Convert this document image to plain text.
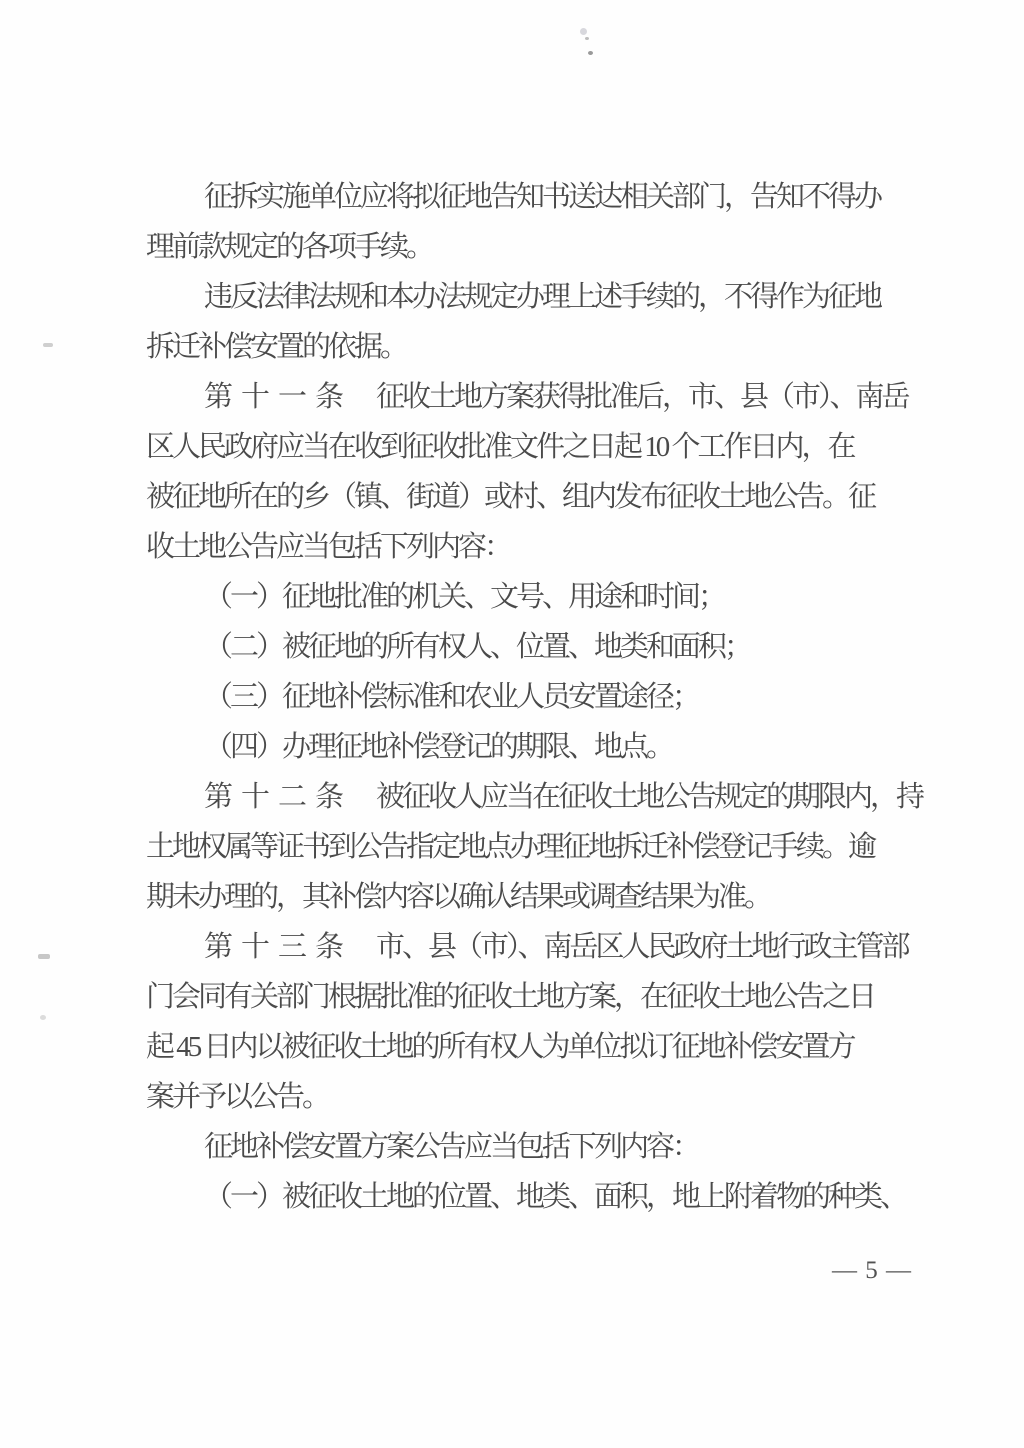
征拆实施单位应将拟征地告知书送达相关部门，告知不得办
理前款规定的各项手续。
违反法律法规和本办法规定办理上述手续的，不得作为征地
拆迁补偿安置的依据。
第十一条 征收土地方案获得批准后，市、县（市）、南岳
区人民政府应当在收到征收批准文件之日起 10 个工作日内，在
被征地所在的乡（镇、街道）或村、组内发布征收土地公告。征
收土地公告应当包括下列内容：
（一）征地批准的机关、文号、用途和时间；
（二）被征地的所有权人、位置、地类和面积；
（三）征地补偿标准和农业人员安置途径；
（四）办理征地补偿登记的期限、地点。
第十二条 被征收人应当在征收土地公告规定的期限内，持
土地权属等证书到公告指定地点办理征地拆迁补偿登记手续。逾
期未办理的，其补偿内容以确认结果或调查结果为准。
第十三条 市、县（市）、南岳区人民政府土地行政主管部
门会同有关部门根据批准的征收土地方案，在征收土地公告之日
起 45 日内以被征收土地的所有权人为单位拟订征地补偿安置方
案并予以公告。
征地补偿安置方案公告应当包括下列内容：
（一）被征收土地的位置、地类、面积，地上附着物的种类、
— 5 —
